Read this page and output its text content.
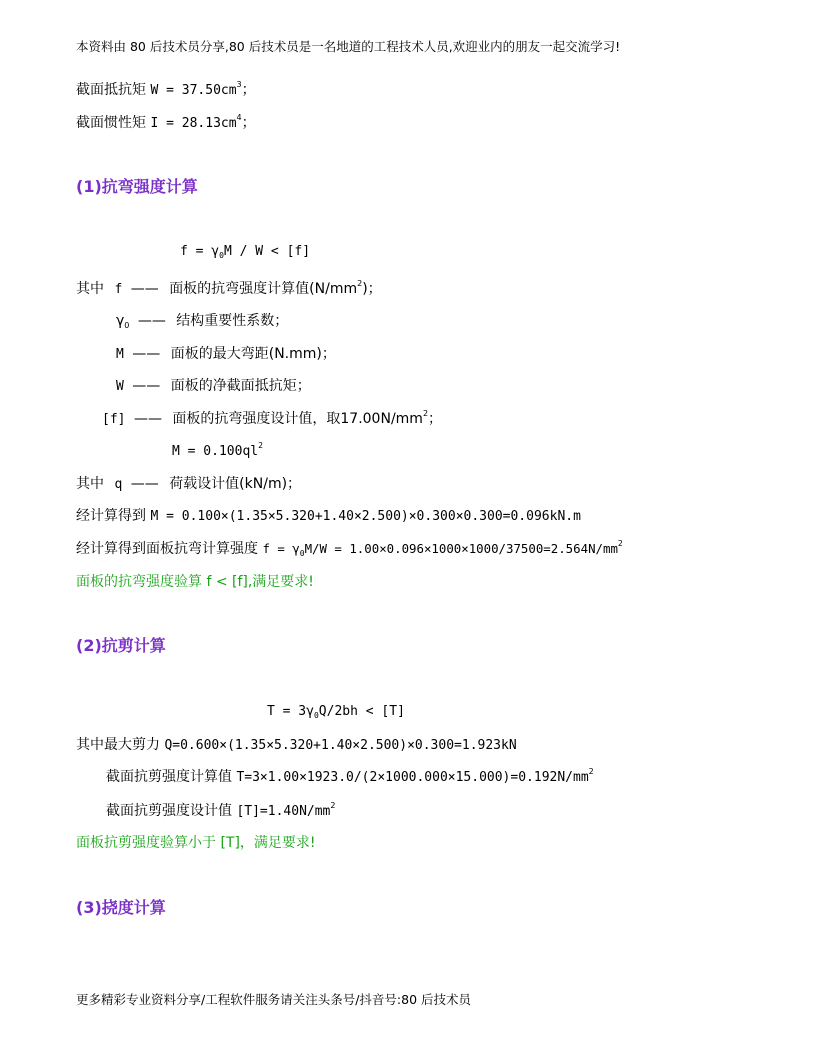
本资料由 80 后技术员分享,80 后技术员是一名地道的工程技术人员,欢迎业内的朋友一起交流学习!
截面抵抗矩 $W = 37.50cm^3$；
截面惯性矩 $I = 28.13cm^4$；
(1)抗弯强度计算
$f = \gamma_0M / W < [f]$
其中 f —— 面板的抗弯强度计算值$(N/mm^2)$；
$\gamma_0$ —— 结构重要性系数；
M —— 面板的最大弯距(N.mm)；
W —— 面板的净截面抵抗矩；
[f] —— 面板的抗弯强度设计值，取$17.00N/mm^2$；
$M = 0.100ql^2$
其中 q —— 荷载设计值(kN/m)；
经计算得到 M = 0.100×(1.35×5.320+1.40×2.500)×0.300×0.300=0.096kN.m
经计算得到面板抗弯计算强度 $f = \gamma_0M/W = 1.00\times 0.096\times 1000\times 1000/37500=2.564N/mm^2$
面板的抗弯强度验算 f < [f],满足要求!
(2)抗剪计算
$T = 3\gamma_0Q/2bh < [T]$
其中最大剪力 Q=0.600×(1.35×5.320+1.40×2.500)×0.300=1.923kN
截面抗剪强度计算值 $T=3\times 1.00\times 1923.0/(2\times 1000.000\times 15.000)=0.192N/mm^2$
截面抗剪强度设计值 $[T]=1.40N/mm^2$
面板抗剪强度验算小于 [T]，满足要求!
(3)挠度计算
更多精彩专业资料分享/工程软件服务请关注头条号/抖音号:80 后技术员
